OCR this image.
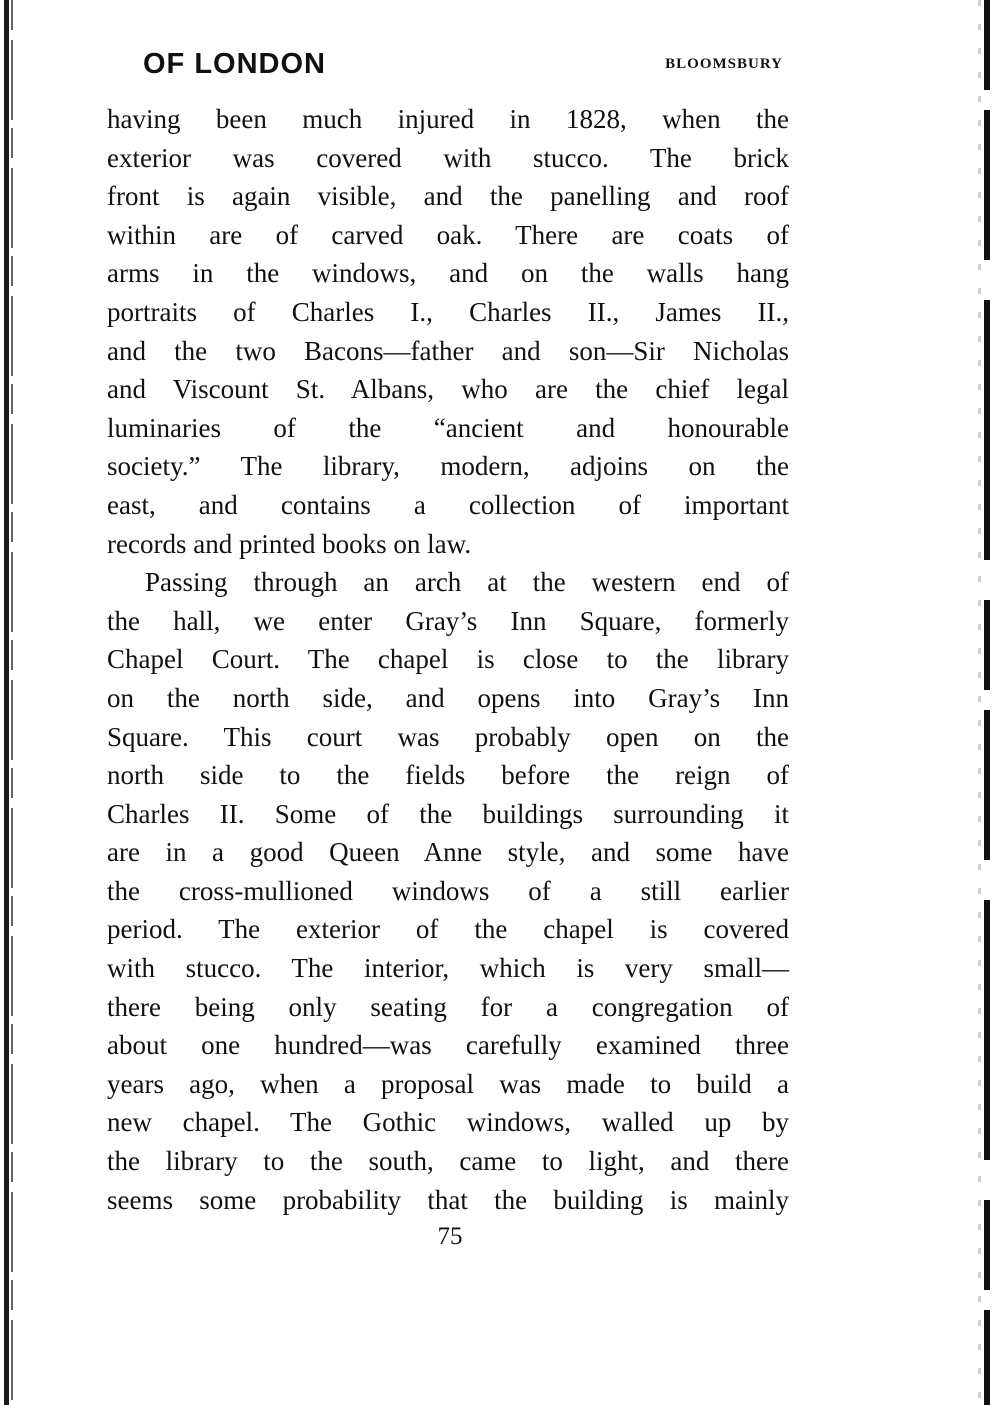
OF LONDON	BLOOMSBURY
having been much injured in 1828, when the
exterior was covered with stucco. The brick
front is again visible, and the panelling and roof
within are of carved oak. There are coats of
arms in the windows, and on the walls hang
portraits of Charles I., Charles II., James II.,
and the two Bacons—father and son—Sir Nicholas
and Viscount St. Albans, who are the chief legal
luminaries of the “ancient and honourable
society.” The library, modern, adjoins on the
east, and contains a collection of important
records and printed books on law.
Passing through an arch at the western end of
the hall, we enter Gray’s Inn Square, formerly
Chapel Court. The chapel is close to the library
on the north side, and opens into Gray’s Inn
Square. This court was probably open on the
north side to the fields before the reign of
Charles II. Some of the buildings surrounding it
are in a good Queen Anne style, and some have
the cross-mullioned windows of a still earlier
period. The exterior of the chapel is covered
with stucco. The interior, which is very small—
there being only seating for a congregation of
about one hundred—was carefully examined three
years ago, when a proposal was made to build a
new chapel. The Gothic windows, walled up by
the library to the south, came to light, and there
seems some probability that the building is mainly
75
